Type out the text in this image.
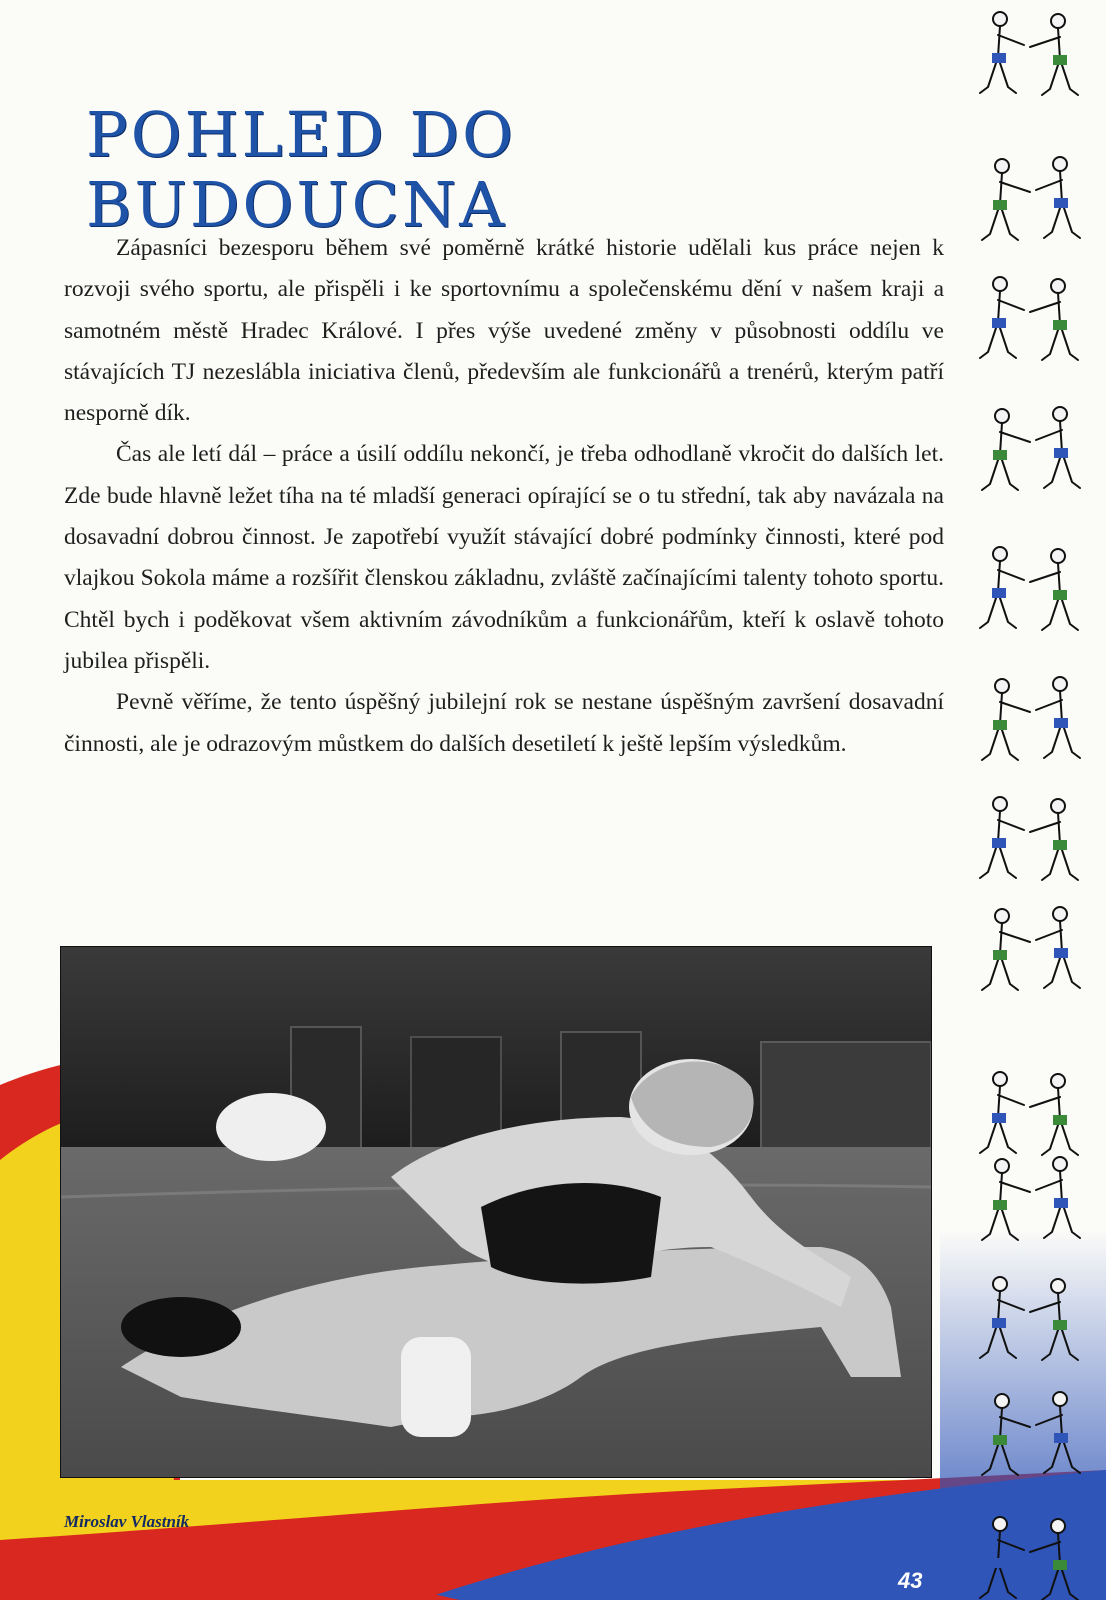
POHLED DO BUDOUCNA

Zápasníci bezesporu během své poměrně krátké historie udělali kus práce nejen k rozvoji svého sportu, ale přispěli i ke sportovnímu a společenskému dění v našem kraji a samotném městě Hradec Králové. I přes výše uvedené změny v působnosti oddílu ve stávajících TJ nezeslábla iniciativa členů, především ale funkcionářů a trenérů, kterým patří nesporně dík.

Čas ale letí dál – práce a úsilí oddílu nekončí, je třeba odhodlaně vkročit do dalších let. Zde bude hlavně ležet tíha na té mladší generaci opírající se o tu střední, tak aby navázala na dosavadní dobrou činnost. Je zapotřebí využít stávající dobré podmínky činnosti, které pod vlajkou Sokola máme a rozšířit členskou základnu, zvláště začínajícími talenty tohoto sportu. Chtěl bych i poděkovat všem aktivním závodníkům a funkcionářům, kteří k oslavě tohoto jubilea přispěli.

Pevně věříme, že tento úspěšný jubilejní rok se nestane úspěšným završení dosavadní činnosti, ale je odrazovým můstkem do dalších desetiletí k ještě lepším výsledkům.

Miroslav Vlastník
43
